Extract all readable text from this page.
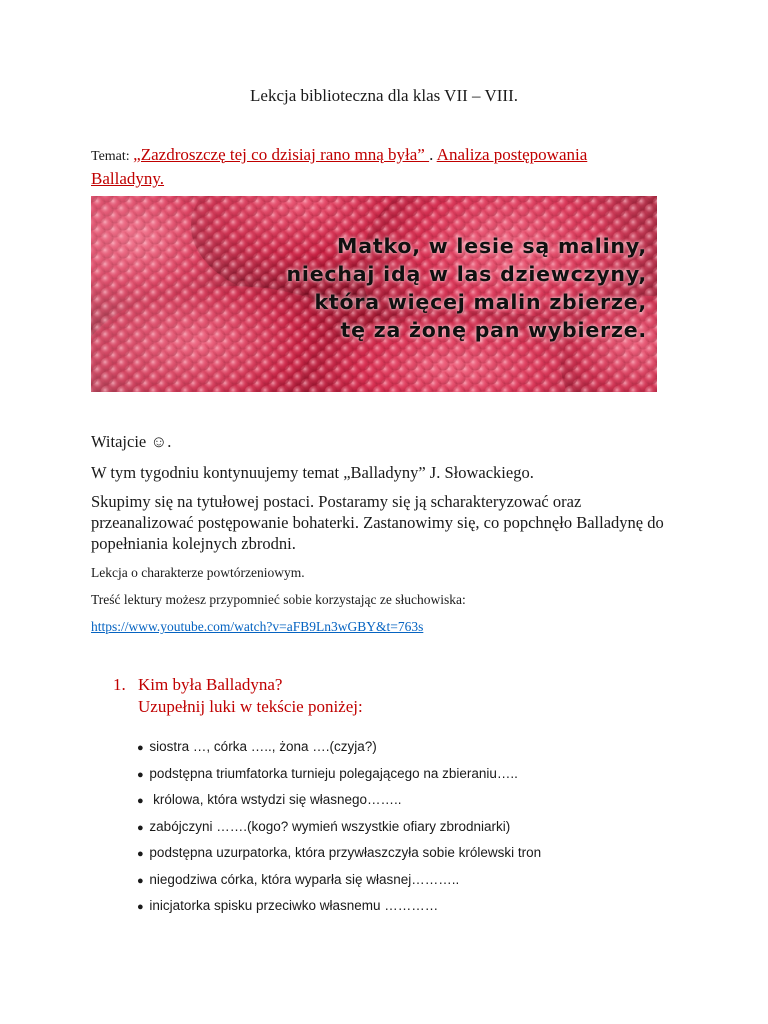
Lekcja biblioteczna dla klas VII – VIII.
Temat: „Zazdroszczę tej co dzisiaj rano mną była” . Analiza postępowania Balladyny.
Matko, w lesie są maliny,
niechaj idą w las dziewczyny,
która więcej malin zbierze,
tę za żonę pan wybierze.
Witajcie ☺.
W tym tygodniu kontynuujemy temat „Balladyny” J. Słowackiego.
Skupimy się na tytułowej postaci. Postaramy się ją scharakteryzować oraz przeanalizować postępowanie bohaterki. Zastanowimy się, co popchnęło Balladynę do popełniania kolejnych zbrodni.
Lekcja o charakterze powtórzeniowym.
Treść lektury możesz przypomnieć sobie korzystając ze słuchowiska:
https://www.youtube.com/watch?v=aFB9Ln3wGBY&t=763s
1. Kim była Balladyna?
Uzupełnij luki w tekście poniżej:
● siostra …, córka ….., żona ….(czyja?)
● podstępna triumfatorka turnieju polegającego na zbieraniu…..
●  królowa, która wstydzi się własnego……..
● zabójczyni …….(kogo? wymień wszystkie ofiary zbrodniarki)
● podstępna uzurpatorka, która przywłaszczyła sobie królewski tron
● niegodziwa córka, która wyparła się własnej………..
● inicjatorka spisku przeciwko własnemu …………
